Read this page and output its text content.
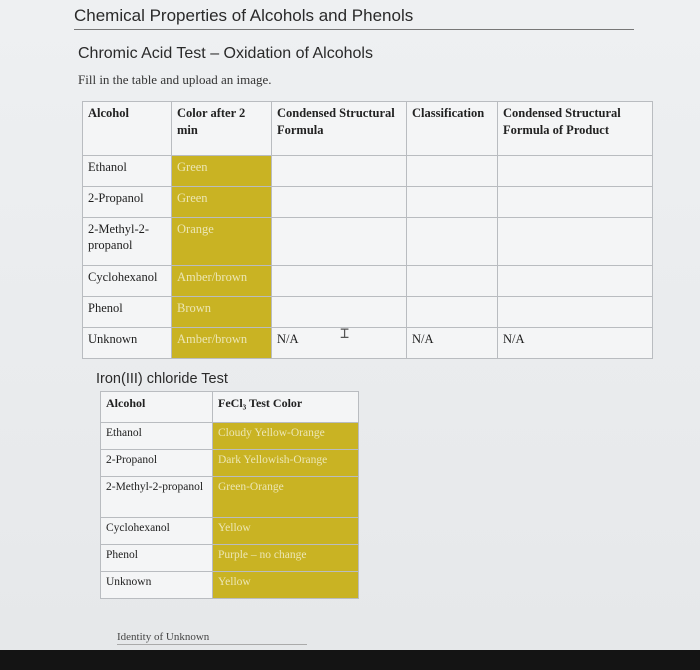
Chemical Properties of Alcohols and Phenols
Chromic Acid Test – Oxidation of Alcohols
Fill in the table and upload an image.
Alcohol	Color after 2 min	Condensed Structural Formula	Classification	Condensed Structural Formula of Product
Ethanol	Green			
2-Propanol	Green			
2-Methyl-2-propanol	Orange			
Cyclohexanol	Amber/brown			
Phenol	Brown			
Unknown	Amber/brown	N/A	N/A	N/A
⌶
Iron(III) chloride Test
Alcohol	FeCl₃ Test Color
Ethanol	Cloudy Yellow-Orange
2-Propanol	Dark Yellowish-Orange
2-Methyl-2-propanol	Green-Orange
Cyclohexanol	Yellow
Phenol	Purple – no change
Unknown	Yellow
Identity of Unknown
